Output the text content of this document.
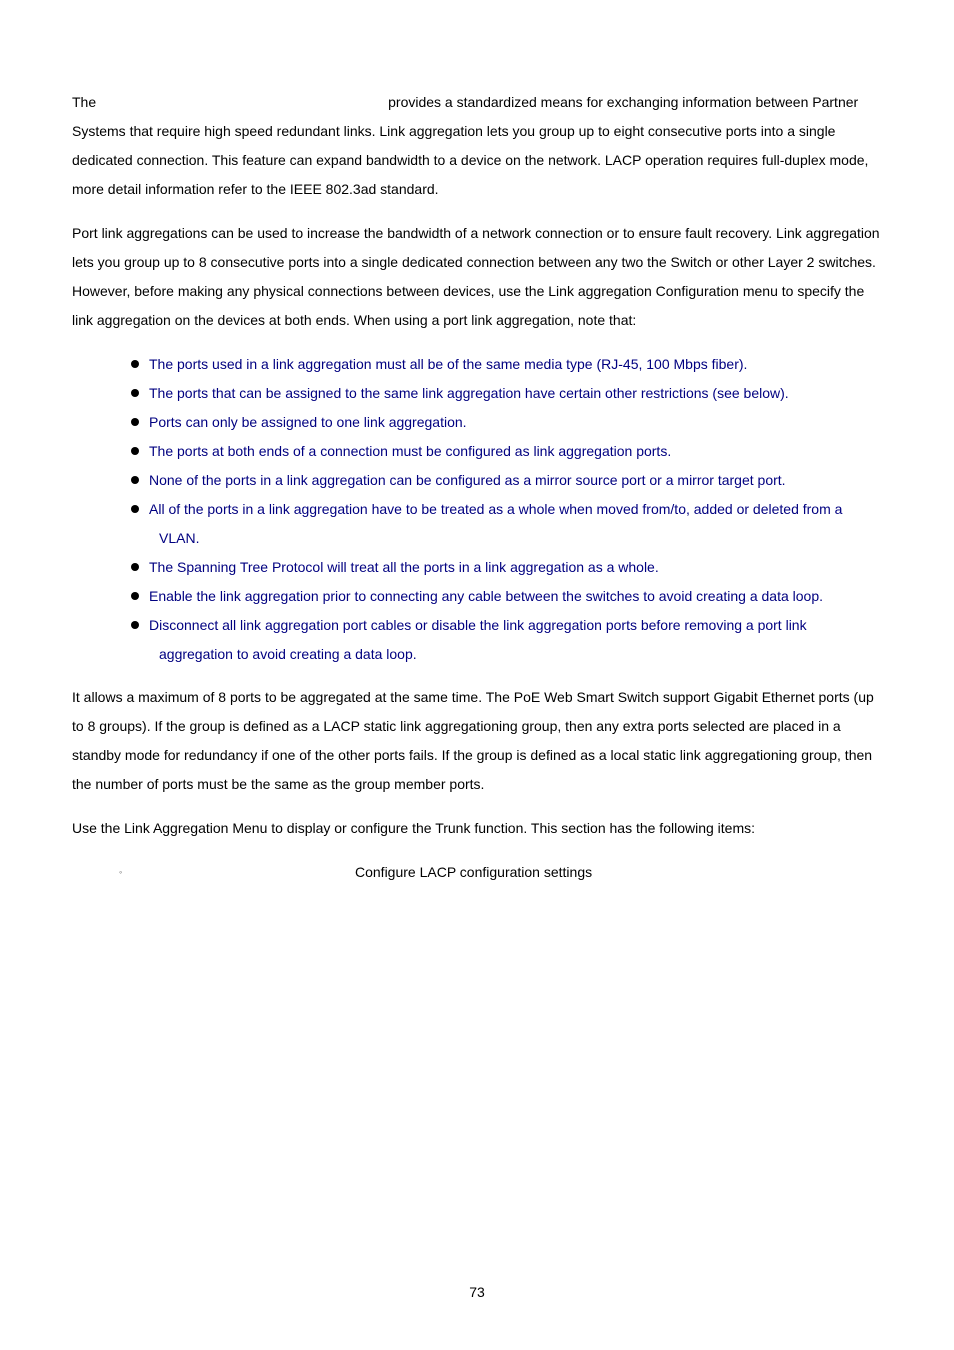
The	provides a standardized means for exchanging information between Partner
Systems that require high speed redundant links. Link aggregation lets you group up to eight consecutive ports into a single dedicated connection. This feature can expand bandwidth to a device on the network. LACP operation requires full-duplex mode, more detail information refer to the IEEE 802.3ad standard.

Port link aggregations can be used to increase the bandwidth of a network connection or to ensure fault recovery. Link aggregation lets you group up to 8 consecutive ports into a single dedicated connection between any two the Switch or other Layer 2 switches. However, before making any physical connections between devices, use the Link aggregation Configuration menu to specify the link aggregation on the devices at both ends. When using a port link aggregation, note that:

The ports used in a link aggregation must all be of the same media type (RJ-45, 100 Mbps fiber).
The ports that can be assigned to the same link aggregation have certain other restrictions (see below).
Ports can only be assigned to one link aggregation.
The ports at both ends of a connection must be configured as link aggregation ports.
None of the ports in a link aggregation can be configured as a mirror source port or a mirror target port.
All of the ports in a link aggregation have to be treated as a whole when moved from/to, added or deleted from a
VLAN.
The Spanning Tree Protocol will treat all the ports in a link aggregation as a whole.
Enable the link aggregation prior to connecting any cable between the switches to avoid creating a data loop.
Disconnect all link aggregation port cables or disable the link aggregation ports before removing a port link
aggregation to avoid creating a data loop.

It allows a maximum of 8 ports to be aggregated at the same time. The PoE Web Smart Switch support Gigabit Ethernet ports (up to 8 groups). If the group is defined as a LACP static link aggregationing group, then any extra ports selected are placed in a standby mode for redundancy if one of the other ports fails. If the group is defined as a local static link aggregationing group, then the number of ports must be the same as the group member ports.

Use the Link Aggregation Menu to display or configure the Trunk function. This section has the following items:

◦	Configure LACP configuration settings
73
